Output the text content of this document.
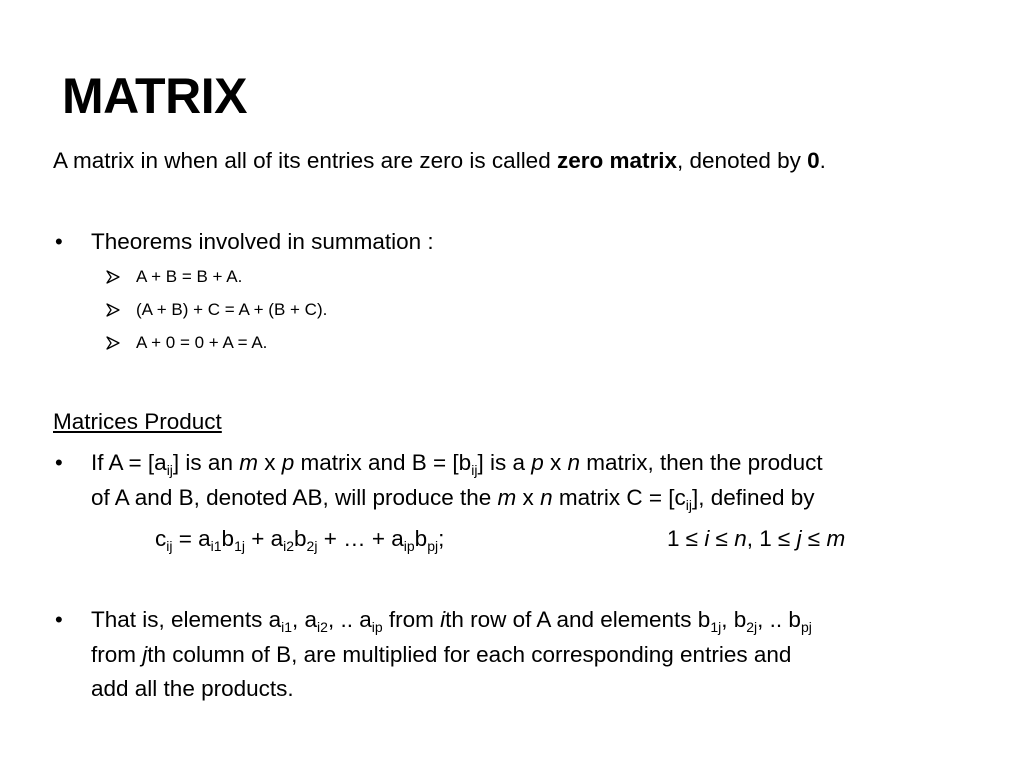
MATRIX
A matrix in when all of its entries are zero is called zero matrix, denoted by 0.
• Theorems involved in summation :
A + B = B + A.
(A + B) + C = A + (B + C).
A + 0 = 0 + A = A.
Matrices Product
• If $A = [a_{ij}]$ is an m x p matrix and $B = [b_{ij}]$ is a p x n matrix, then the product
of A and B, denoted AB, will produce the m x n matrix $C = [c_{ij}]$, defined by
$c_{ij} = a_{i1}b_{1j} + a_{i2}b_{2j}$ + … + $a_{ip}b_{pj}$;	1 ≤ i ≤ n, 1 ≤ j ≤ m
• That is, elements $a_{i1}$, $a_{i2}$, .. $a_{ip}$ from ith row of A and elements $b_{1j}$, $b_{2j}$, .. $b_{pj}$
from jth column of B, are multiplied for each corresponding entries and
add all the products.
